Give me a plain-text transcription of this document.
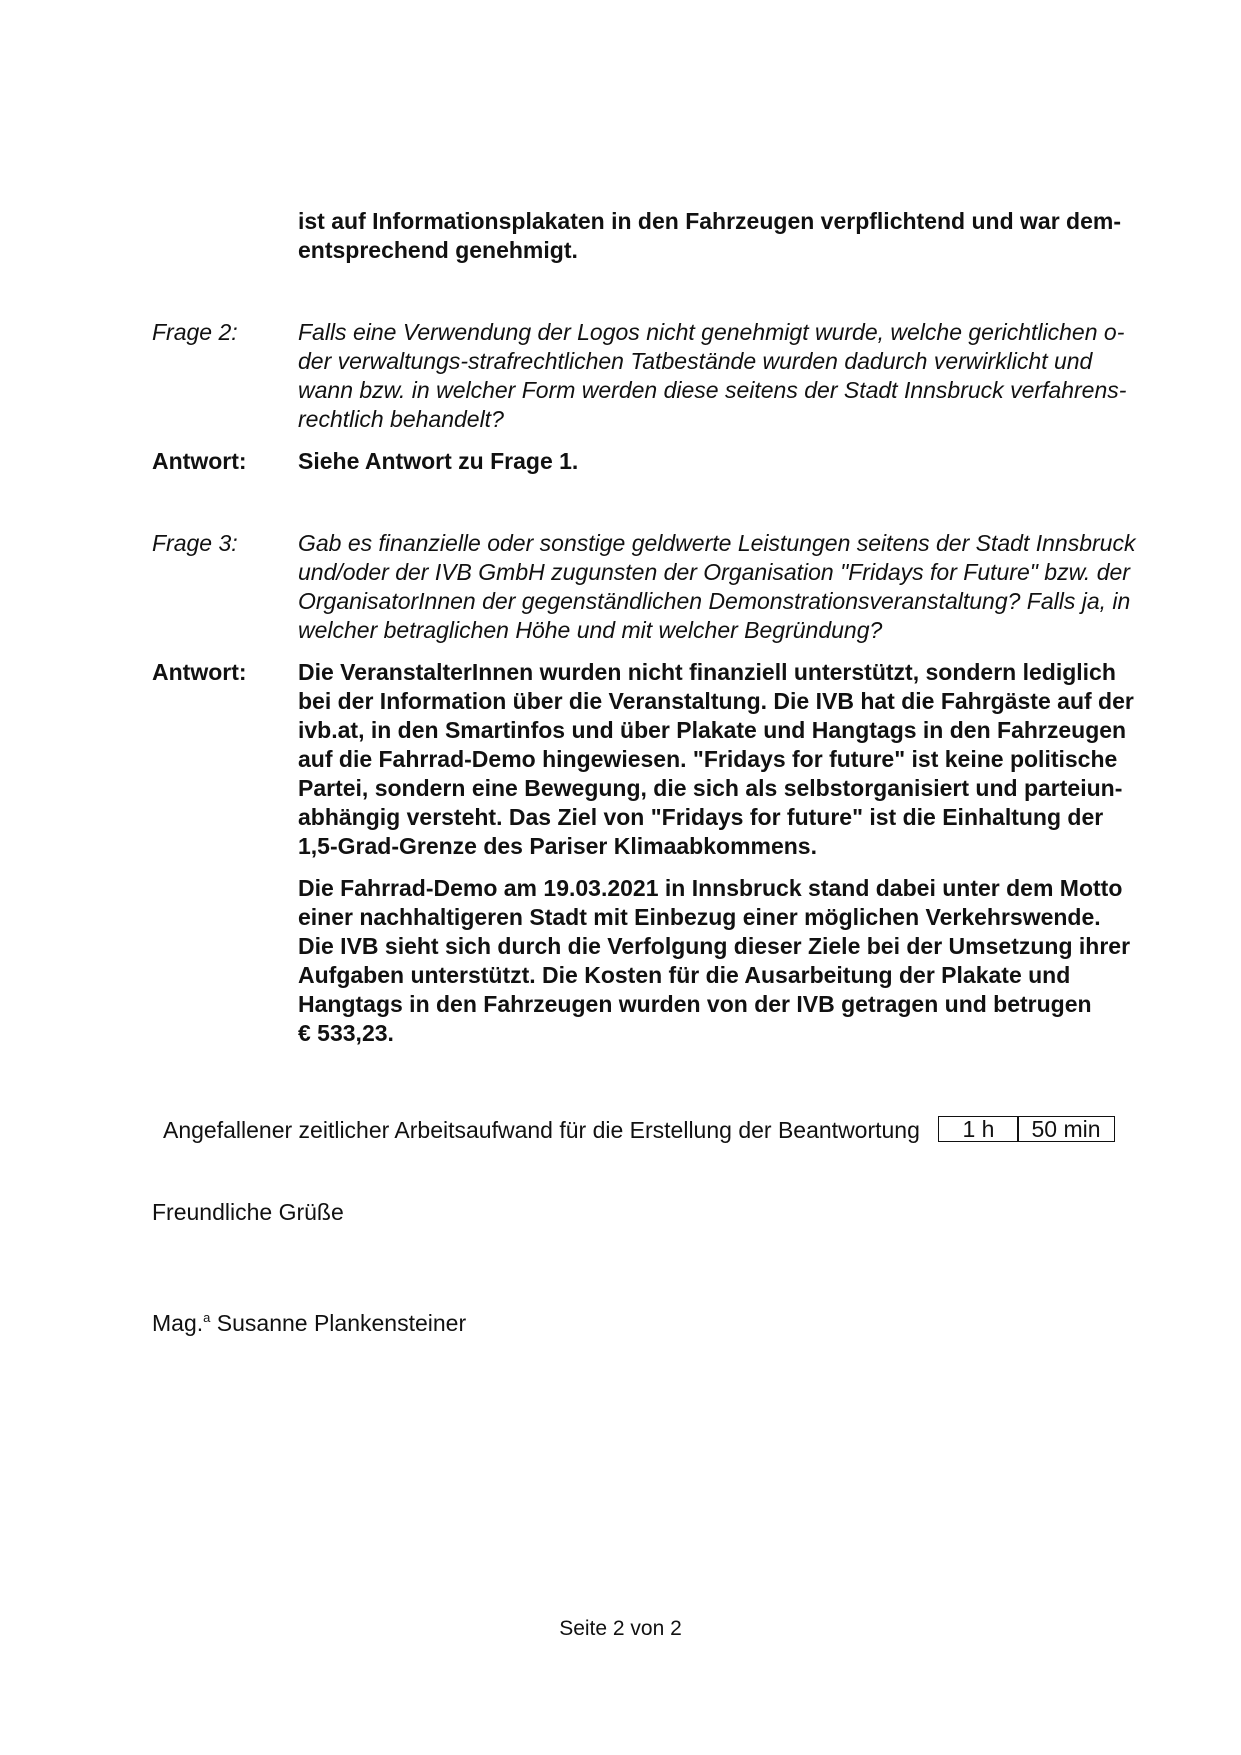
ist auf Informationsplakaten in den Fahrzeugen verpflichtend und war dem-
entsprechend genehmigt.
Frage 2:	Falls eine Verwendung der Logos nicht genehmigt wurde, welche gerichtlichen o-
der verwaltungs-strafrechtlichen Tatbestände wurden dadurch verwirklicht und
wann bzw. in welcher Form werden diese seitens der Stadt Innsbruck verfahrens-
rechtlich behandelt?
Antwort: Siehe Antwort zu Frage 1.
Frage 3:	Gab es finanzielle oder sonstige geldwerte Leistungen seitens der Stadt Innsbruck
und/oder der IVB GmbH zugunsten der Organisation "Fridays for Future" bzw. der
OrganisatorInnen der gegenständlichen Demonstrationsveranstaltung? Falls ja, in
welcher betraglichen Höhe und mit welcher Begründung?
Antwort: Die VeranstalterInnen wurden nicht finanziell unterstützt, sondern lediglich
bei der Information über die Veranstaltung. Die IVB hat die Fahrgäste auf der
ivb.at, in den Smartinfos und über Plakate und Hangtags in den Fahrzeugen
auf die Fahrrad-Demo hingewiesen. "Fridays for future" ist keine politische
Partei, sondern eine Bewegung, die sich als selbstorganisiert und parteiun-
abhängig versteht. Das Ziel von "Fridays for future" ist die Einhaltung der
1,5-Grad-Grenze des Pariser Klimaabkommens.
Die Fahrrad-Demo am 19.03.2021 in Innsbruck stand dabei unter dem Motto
einer nachhaltigeren Stadt mit Einbezug einer möglichen Verkehrswende.
Die IVB sieht sich durch die Verfolgung dieser Ziele bei der Umsetzung ihrer
Aufgaben unterstützt. Die Kosten für die Ausarbeitung der Plakate und
Hangtags in den Fahrzeugen wurden von der IVB getragen und betrugen
€ 533,23.
Angefallener zeitlicher Arbeitsaufwand für die Erstellung der Beantwortung	1 h	50 min
Freundliche Grüße
Mag.$^a$ Susanne Plankensteiner
Seite 2 von 2
